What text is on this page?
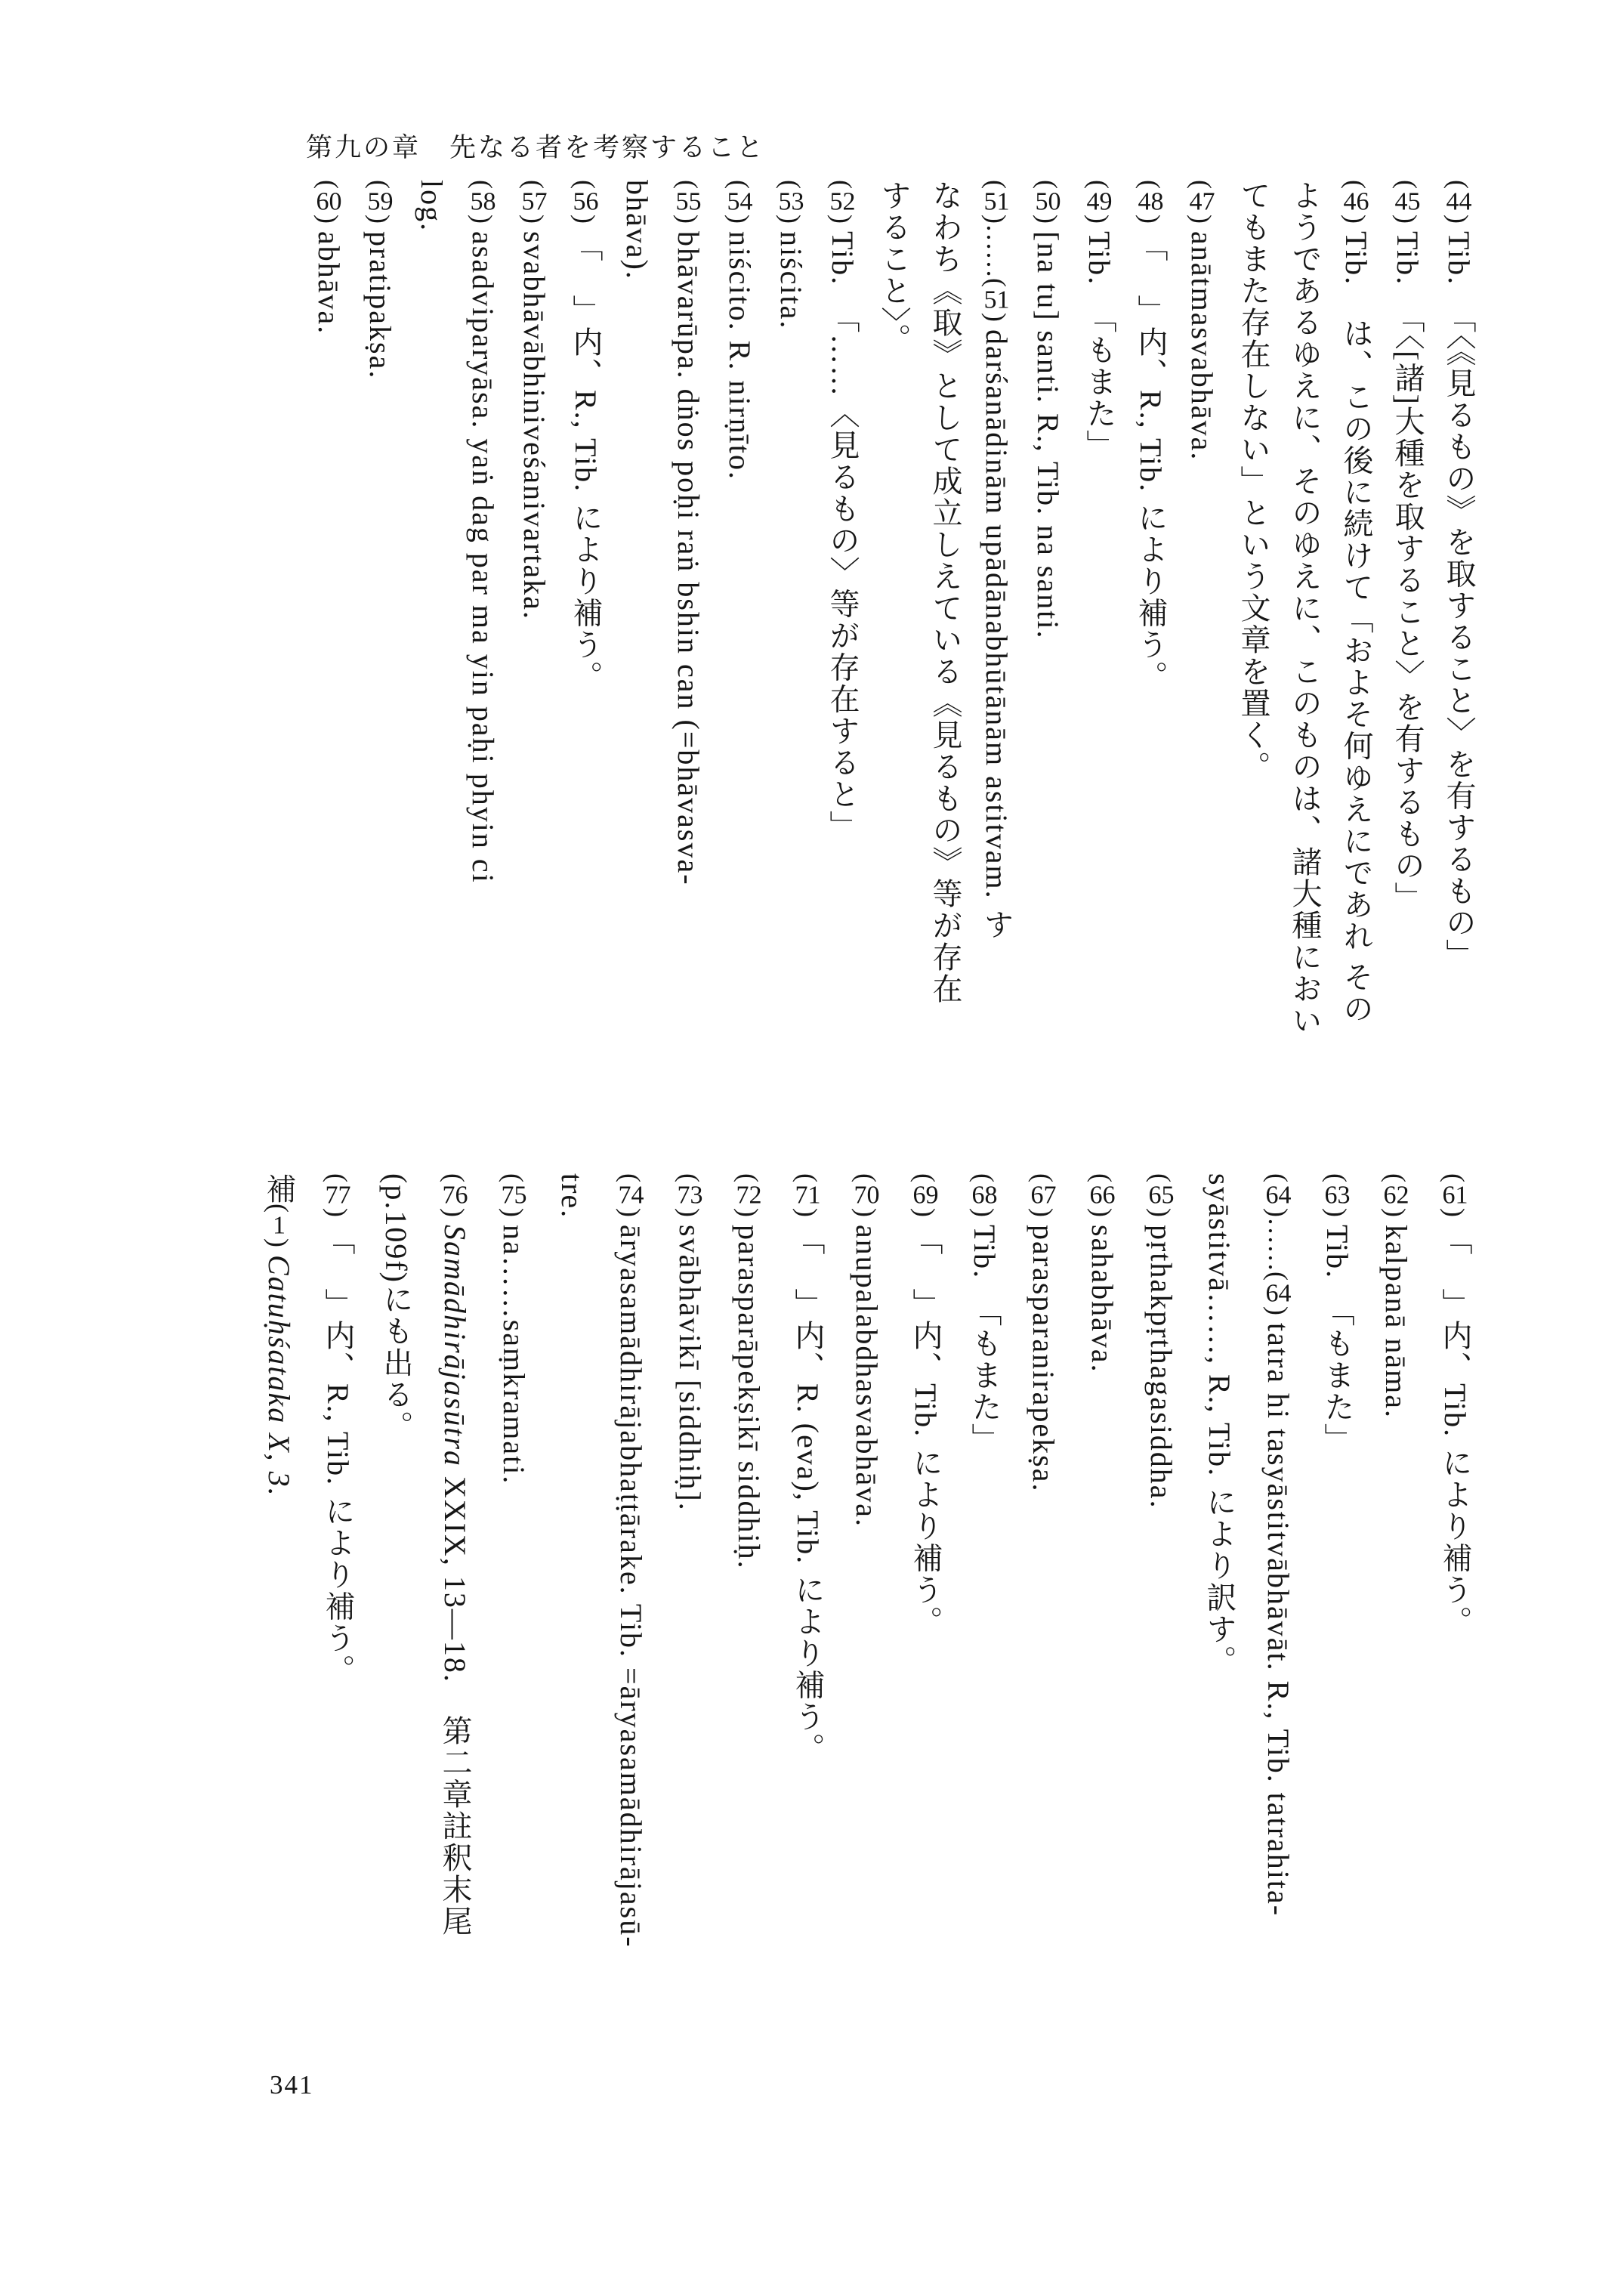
第九の章 先なる者を考察すること
(44)Tib.　「〈《見るもの》を取すること〉を有するもの」
(45)Tib.　「〈[諸]大種を取すること〉を有するもの」
(46)Tib.　は、この後に続けて「およそ何ゆえにであれ その
ようであるゆえに、そのゆえに、このものは、諸大種におい
てもまた存在しない」という文章を置く。
(47)anātmasvabhāva.
(48)「　」内、R., Tib. により補う。
(49)Tib.　「もまた」
(50)[na tu] santi. R., Tib. na santi.
(51)……(51)darśanādinām upādānabhūtānām astitvam. す
なわち《取》として成立しえている《見るもの》等が存在
すること〉。
(52)Tib.　「……〈見るもの〉等が存在すると」
(53)niścita.
(54)niścito. R. nirṇīto.
(55)bhāvarūpa. dṅos poḥi raṅ bshin can (=bhāvasva-
bhāva).
(56)「　」内、R., Tib. により補う。
(57)svabhāvābhiniveśanivartaka.
(58)asadviparyāsa. yaṅ dag par ma yin paḥi phyin ci
log.
(59)pratipakṣa.
(60)abhāva.
(61)「　」内、Tib. により補う。
(62)kalpanā nāma.
(63)Tib.　「もまた」
(64)……(64)tatra hi tasyāstitvābhāvāt. R., Tib. tatrahita-
syāstitvā……, R., Tib. により訳す。
(65)pṛthakpṛthagasiddha.
(66)sahabhāva.
(67)parasparanirapekṣa.
(68)Tib.　「もまた」
(69)「　」内、Tib. により補う。
(70)anupalabdhasvabhāva.
(71)「　」内、R. (eva), Tib. により補う。
(72)parasparāpekṣikī siddhiḥ.
(73)svābhāvikī [siddhiḥ].
(74)āryasamādhirājabhaṭṭārake. Tib. =āryasamādhirājasū-
tre.
(75)na……saṃkramati.
(76)Samādhirājasūtra XXIX, 13—18.　第二章註釈末尾
(p.109f)にも出る。
(77)「　」内、R., Tib. により補う。
補(1)Catuḥśataka X, 3.
341
